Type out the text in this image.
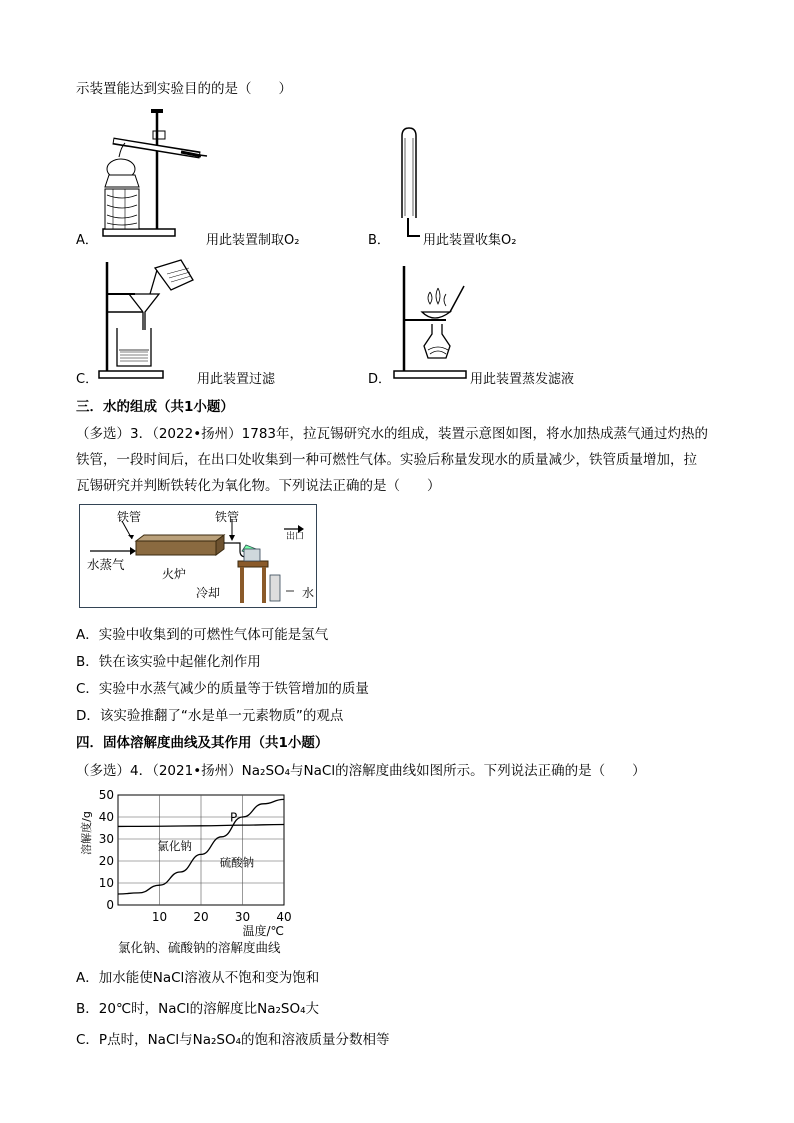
示装置能达到实验目的的是（　　）
A．	用此装置制取O₂	B．	用此装置收集O₂
C．	用此装置过滤	D．	用此装置蒸发滤液
三．水的组成（共1小题）
（多选）3．（2022•扬州）1783年，拉瓦锡研究水的组成，装置示意图如图，将水加热成蒸气通过灼热的
铁管，一段时间后，在出口处收集到一种可燃性气体。实验后称量发现水的质量减少，铁管质量增加，拉
瓦锡研究并判断铁转化为氧化物。下列说法正确的是（　　）
铁管	铁管
出口
水蒸气
火炉
冷却	水
A．实验中收集到的可燃性气体可能是氢气
B．铁在该实验中起催化剂作用
C．实验中水蒸气减少的质量等于铁管增加的质量
D．该实验推翻了“水是单一元素物质”的观点
四．固体溶解度曲线及其作用（共1小题）
（多选）4．（2021•扬州）Na₂SO₄与NaCl的溶解度曲线如图所示。下列说法正确的是（　　）
0
10
20
30
40
50
10 20 30 40
溶解度/g
温度/℃
氯化钠
硫酸钠
P
氯化钠、硫酸钠的溶解度曲线
A．加水能使NaCl溶液从不饱和变为饱和
B．20℃时，NaCl的溶解度比Na₂SO₄大
C．P点时，NaCl与Na₂SO₄的饱和溶液质量分数相等
